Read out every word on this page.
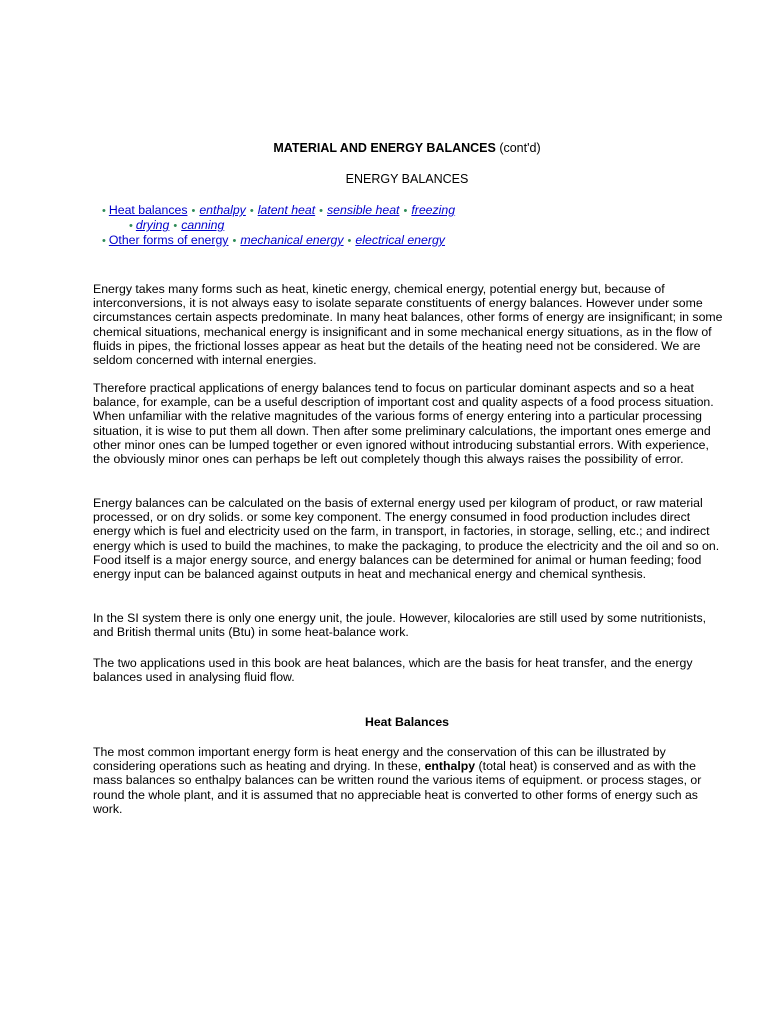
MATERIAL AND ENERGY BALANCES (cont'd)

ENERGY BALANCES

• Heat balances • enthalpy • latent heat • sensible heat • freezing
• drying • canning
• Other forms of energy • mechanical energy • electrical energy

Energy takes many forms such as heat, kinetic energy, chemical energy, potential energy but, because of interconversions, it is not always easy to isolate separate constituents of energy balances. However under some circumstances certain aspects predominate. In many heat balances, other forms of energy are insignificant; in some chemical situations, mechanical energy is insignificant and in some mechanical energy situations, as in the flow of fluids in pipes, the frictional losses appear as heat but the details of the heating need not be considered. We are seldom concerned with internal energies.

Therefore practical applications of energy balances tend to focus on particular dominant aspects and so a heat balance, for example, can be a useful description of important cost and quality aspects of a food process situation. When unfamiliar with the relative magnitudes of the various forms of energy entering into a particular processing situation, it is wise to put them all down. Then after some preliminary calculations, the important ones emerge and other minor ones can be lumped together or even ignored without introducing substantial errors. With experience, the obviously minor ones can perhaps be left out completely though this always raises the possibility of error.

Energy balances can be calculated on the basis of external energy used per kilogram of product, or raw material processed, or on dry solids. or some key component. The energy consumed in food production includes direct energy which is fuel and electricity used on the farm, in transport, in factories, in storage, selling, etc.; and indirect energy which is used to build the machines, to make the packaging, to produce the electricity and the oil and so on. Food itself is a major energy source, and energy balances can be determined for animal or human feeding; food energy input can be balanced against outputs in heat and mechanical energy and chemical synthesis.

In the SI system there is only one energy unit, the joule. However, kilocalories are still used by some nutritionists, and British thermal units (Btu) in some heat-balance work.

The two applications used in this book are heat balances, which are the basis for heat transfer, and the energy balances used in analysing fluid flow.

Heat Balances

The most common important energy form is heat energy and the conservation of this can be illustrated by considering operations such as heating and drying. In these, enthalpy (total heat) is conserved and as with the mass balances so enthalpy balances can be written round the various items of equipment. or process stages, or round the whole plant, and it is assumed that no appreciable heat is converted to other forms of energy such as work.
